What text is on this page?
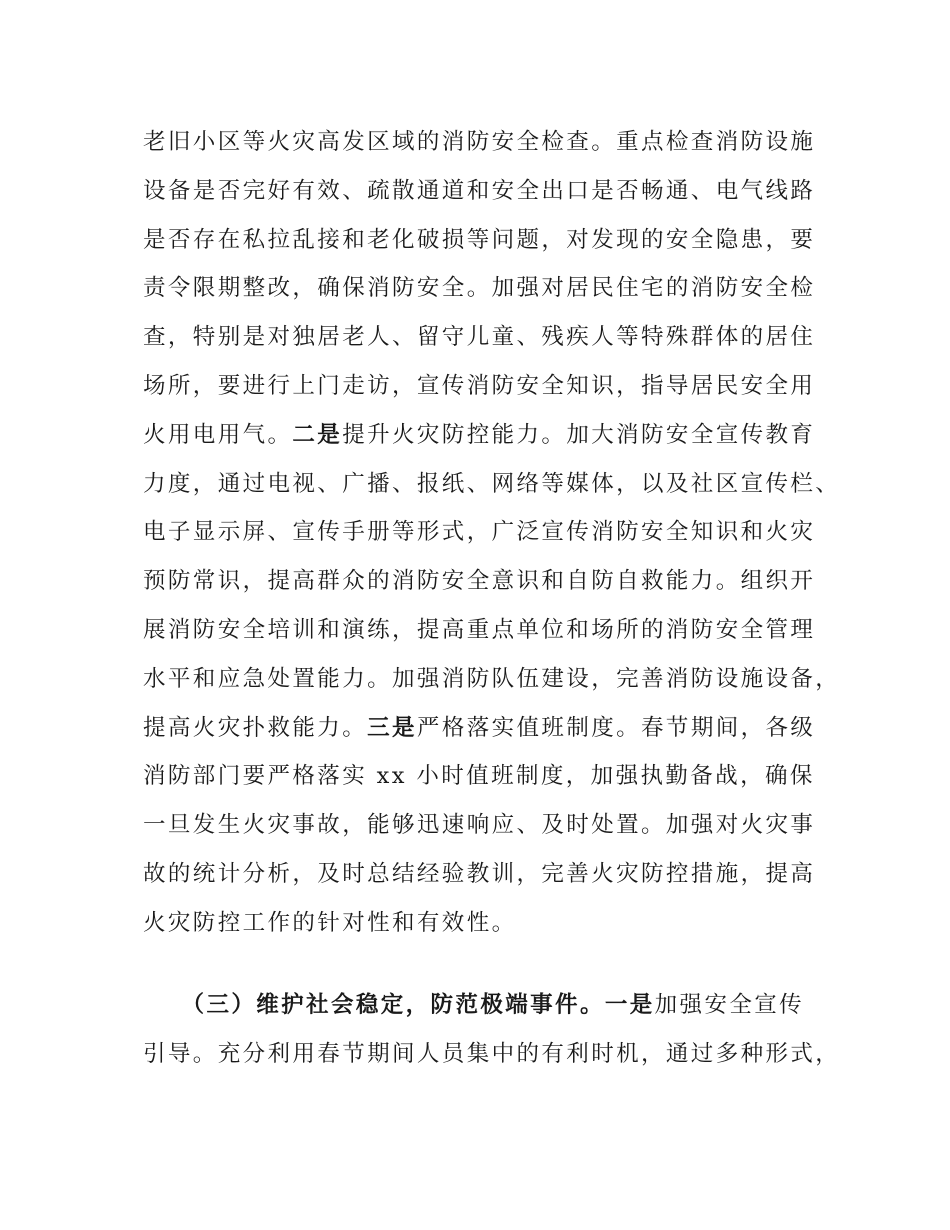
老旧小区等火灾高发区域的消防安全检查。重点检查消防设施
设备是否完好有效、疏散通道和安全出口是否畅通、电气线路
是否存在私拉乱接和老化破损等问题，对发现的安全隐患，要
责令限期整改，确保消防安全。加强对居民住宅的消防安全检
查，特别是对独居老人、留守儿童、残疾人等特殊群体的居住
场所，要进行上门走访，宣传消防安全知识，指导居民安全用
火用电用气。二是提升火灾防控能力。加大消防安全宣传教育
力度，通过电视、广播、报纸、网络等媒体，以及社区宣传栏、
电子显示屏、宣传手册等形式，广泛宣传消防安全知识和火灾
预防常识，提高群众的消防安全意识和自防自救能力。组织开
展消防安全培训和演练，提高重点单位和场所的消防安全管理
水平和应急处置能力。加强消防队伍建设，完善消防设施设备，
提高火灾扑救能力。三是严格落实值班制度。春节期间，各级
消防部门要严格落实 xx 小时值班制度，加强执勤备战，确保
一旦发生火灾事故，能够迅速响应、及时处置。加强对火灾事
故的统计分析，及时总结经验教训，完善火灾防控措施，提高
火灾防控工作的针对性和有效性。
　　（三）维护社会稳定，防范极端事件。一是加强安全宣传
引导。充分利用春节期间人员集中的有利时机，通过多种形式，
